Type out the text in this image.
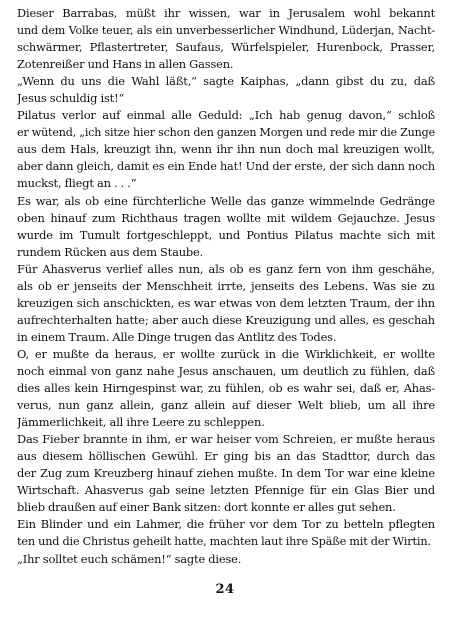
Dieser Barrabas, müßt ihr wissen, war in Jerusalem wohl bekannt
und dem Volke teuer, als ein unverbesserlicher Windhund, Lüderjan, Nacht-
schwärmer, Pflastertreter, Saufaus, Würfelspieler, Hurenbock, Prasser,
Zotenreißer und Hans in allen Gassen.
„Wenn du uns die Wahl läßt,“ sagte Kaiphas, „dann gibst du zu, daß
Jesus schuldig ist!“
Pilatus verlor auf einmal alle Geduld: „Ich hab genug davon,“ schloß
er wütend, „ich sitze hier schon den ganzen Morgen und rede mir die Zunge
aus dem Hals, kreuzigt ihn, wenn ihr ihn nun doch mal kreuzigen wollt,
aber dann gleich, damit es ein Ende hat! Und der erste, der sich dann noch
muckst, fliegt an . . .“
Es war, als ob eine fürchterliche Welle das ganze wimmelnde Gedränge
oben hinauf zum Richthaus tragen wollte mit wildem Gejauchze. Jesus
wurde im Tumult fortgeschleppt, und Pontius Pilatus machte sich mit
rundem Rücken aus dem Staube.
Für Ahasverus verlief alles nun, als ob es ganz fern von ihm geschähe,
als ob er jenseits der Menschheit irrte, jenseits des Lebens. Was sie zu
kreuzigen sich anschickten, es war etwas von dem letzten Traum, der ihn
aufrechterhalten hatte; aber auch diese Kreuzigung und alles, es geschah
in einem Traum. Alle Dinge trugen das Antlitz des Todes.
O, er mußte da heraus, er wollte zurück in die Wirklichkeit, er wollte
noch einmal von ganz nahe Jesus anschauen, um deutlich zu fühlen, daß
dies alles kein Hirngespinst war, zu fühlen, ob es wahr sei, daß er, Ahas-
verus, nun ganz allein, ganz allein auf dieser Welt blieb, um all ihre
Jämmerlichkeit, all ihre Leere zu schleppen.
Das Fieber brannte in ihm, er war heiser vom Schreien, er mußte heraus
aus diesem höllischen Gewühl. Er ging bis an das Stadttor, durch das
der Zug zum Kreuzberg hinauf ziehen mußte. In dem Tor war eine kleine
Wirtschaft. Ahasverus gab seine letzten Pfennige für ein Glas Bier und
blieb draußen auf einer Bank sitzen: dort konnte er alles gut sehen.
Ein Blinder und ein Lahmer, die früher vor dem Tor zu betteln pflegten
ten und die Christus geheilt hatte, machten laut ihre Späße mit der Wirtin.
„Ihr solltet euch schämen!“ sagte diese.
24
